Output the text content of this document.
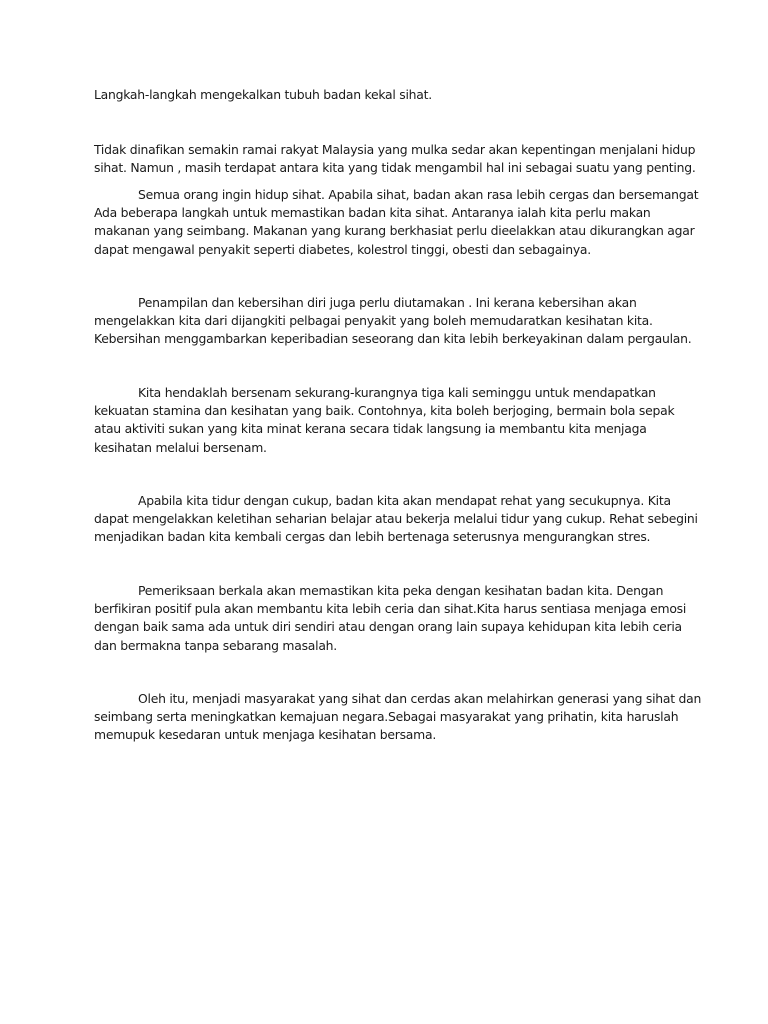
Langkah-langkah mengekalkan tubuh badan kekal sihat.

Tidak dinafikan semakin ramai rakyat Malaysia yang mulka sedar akan kepentingan menjalani hidup
sihat. Namun , masih terdapat antara kita yang tidak mengambil hal ini sebagai suatu yang penting.
Semua orang ingin hidup sihat. Apabila sihat, badan akan rasa lebih cergas dan bersemangat
Ada beberapa langkah untuk memastikan badan kita sihat. Antaranya ialah kita perlu makan
makanan yang seimbang. Makanan yang kurang berkhasiat perlu dieelakkan atau dikurangkan agar
dapat mengawal penyakit seperti diabetes, kolestrol tinggi, obesti dan sebagainya.
Penampilan dan kebersihan diri juga perlu diutamakan . Ini kerana kebersihan akan
mengelakkan kita dari dijangkiti pelbagai penyakit yang boleh memudaratkan kesihatan kita.
Kebersihan menggambarkan keperibadian seseorang dan kita lebih berkeyakinan dalam pergaulan.
Kita hendaklah bersenam sekurang-kurangnya tiga kali seminggu untuk mendapatkan
kekuatan stamina dan kesihatan yang baik. Contohnya, kita boleh berjoging, bermain bola sepak
atau aktiviti sukan yang kita minat kerana secara tidak langsung ia membantu kita menjaga
kesihatan melalui bersenam.
Apabila kita tidur dengan cukup, badan kita akan mendapat rehat yang secukupnya. Kita
dapat mengelakkan keletihan seharian belajar atau bekerja melalui tidur yang cukup. Rehat sebegini
menjadikan badan kita kembali cergas dan lebih bertenaga seterusnya mengurangkan stres.
Pemeriksaan berkala akan memastikan kita peka dengan kesihatan badan kita. Dengan
berfikiran positif pula akan membantu kita lebih ceria dan sihat.Kita harus sentiasa menjaga emosi
dengan baik sama ada untuk diri sendiri atau dengan orang lain supaya kehidupan kita lebih ceria
dan bermakna tanpa sebarang masalah.
Oleh itu, menjadi masyarakat yang sihat dan cerdas akan melahirkan generasi yang sihat dan
seimbang serta meningkatkan kemajuan negara.Sebagai masyarakat yang prihatin, kita haruslah
memupuk kesedaran untuk menjaga kesihatan bersama.
